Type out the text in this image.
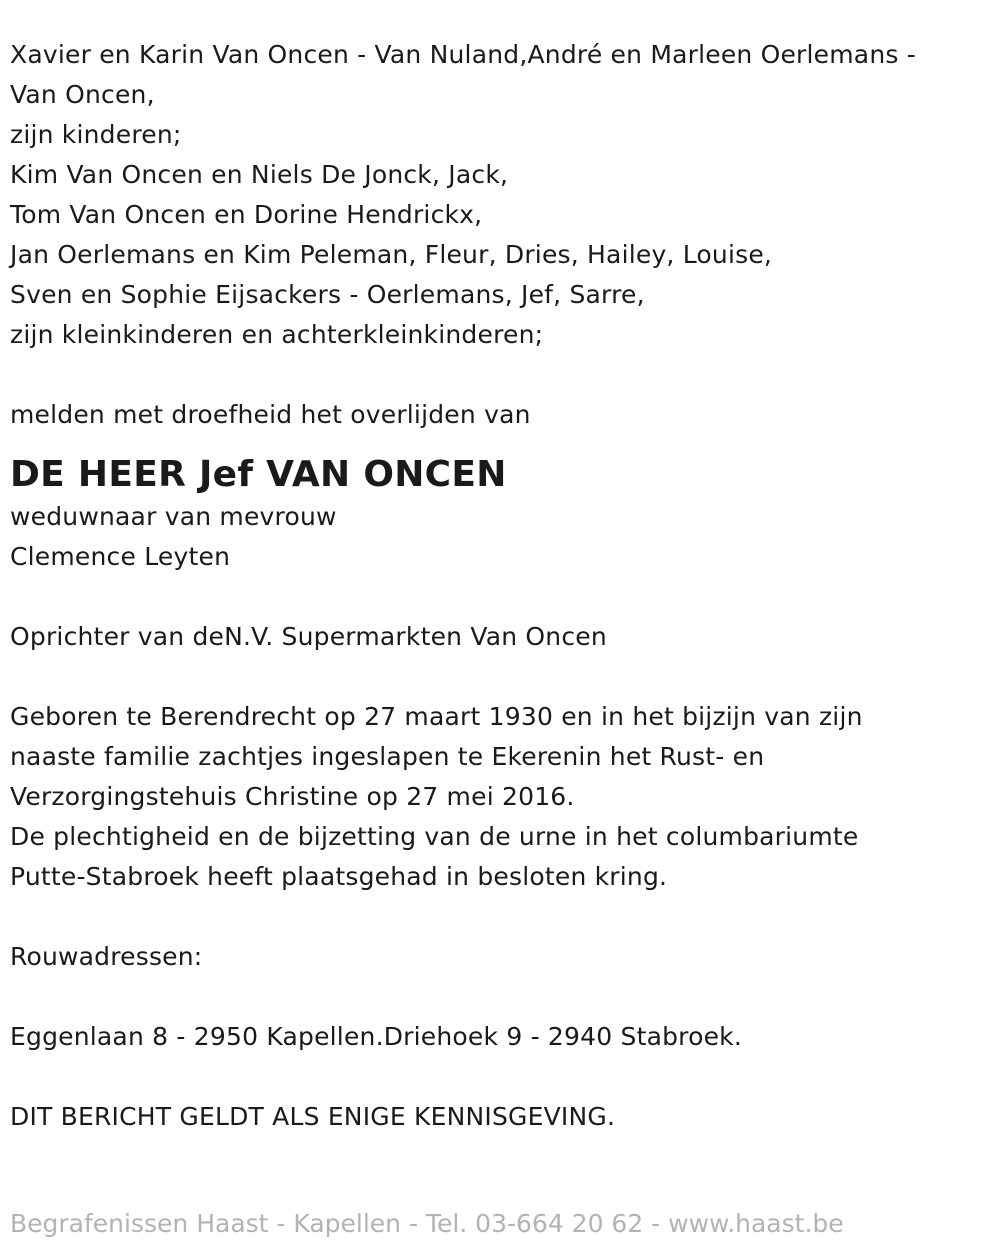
Xavier en Karin Van Oncen - Van Nuland,André en Marleen Oerlemans -
Van Oncen,
zijn kinderen;
Kim Van Oncen en Niels De Jonck, Jack,
Tom Van Oncen en Dorine Hendrickx,
Jan Oerlemans en Kim Peleman, Fleur, Dries, Hailey, Louise,
Sven en Sophie Eijsackers - Oerlemans, Jef, Sarre,
zijn kleinkinderen en achterkleinkinderen;
melden met droefheid het overlijden van
DE HEER Jef VAN ONCEN
weduwnaar van mevrouw
Clemence Leyten
Oprichter van deN.V. Supermarkten Van Oncen
Geboren te Berendrecht op 27 maart 1930 en in het bijzijn van zijn
naaste familie zachtjes ingeslapen te Ekerenin het Rust- en
Verzorgingstehuis Christine op 27 mei 2016.
De plechtigheid en de bijzetting van de urne in het columbariumte
Putte-Stabroek heeft plaatsgehad in besloten kring.
Rouwadressen:
Eggenlaan 8 - 2950 Kapellen.Driehoek 9 - 2940 Stabroek.
DIT BERICHT GELDT ALS ENIGE KENNISGEVING.
Begrafenissen Haast - Kapellen - Tel. 03-664 20 62 - www.haast.be
